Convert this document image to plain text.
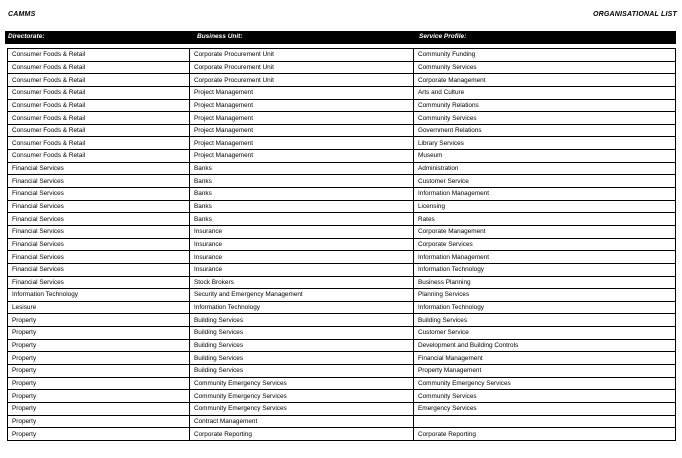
CAMMS	ORGANISATIONAL LIST
Directorate:	Business Unit:	Service Profile:
Consumer Foods & Retail	Corporate Procurement Unit	Community Funding
Consumer Foods & Retail	Corporate Procurement Unit	Community Services
Consumer Foods & Retail	Corporate Procurement Unit	Corporate Management
Consumer Foods & Retail	Project Management	Arts and Culture
Consumer Foods & Retail	Project Management	Community Relations
Consumer Foods & Retail	Project Management	Community Services
Consumer Foods & Retail	Project Management	Government Relations
Consumer Foods & Retail	Project Management	Library Services
Consumer Foods & Retail	Project Management	Museum
Financial Services	Banks	Administration
Financial Services	Banks	Customer Service
Financial Services	Banks	Information Management
Financial Services	Banks	Licensing
Financial Services	Banks	Rates
Financial Services	Insurance	Corporate Management
Financial Services	Insurance	Corporate Services
Financial Services	Insurance	Information Management
Financial Services	Insurance	Information Technology
Financial Services	Stock Brokers	Business Planning
Information Technology	Security and Emergency Management	Planning Services
Lesisure	Information Technology	Information Technology
Property	Building Services	Building Services
Property	Building Services	Customer Service
Property	Building Services	Development and Building Controls
Property	Building Services	Financial Management
Property	Building Services	Property Management
Property	Community Emergency Services	Community Emergency Services
Property	Community Emergency Services	Community Services
Property	Community Emergency Services	Emergency Services
Property	Contract Management	
Property	Corporate Reporting	Corporate Reporting
